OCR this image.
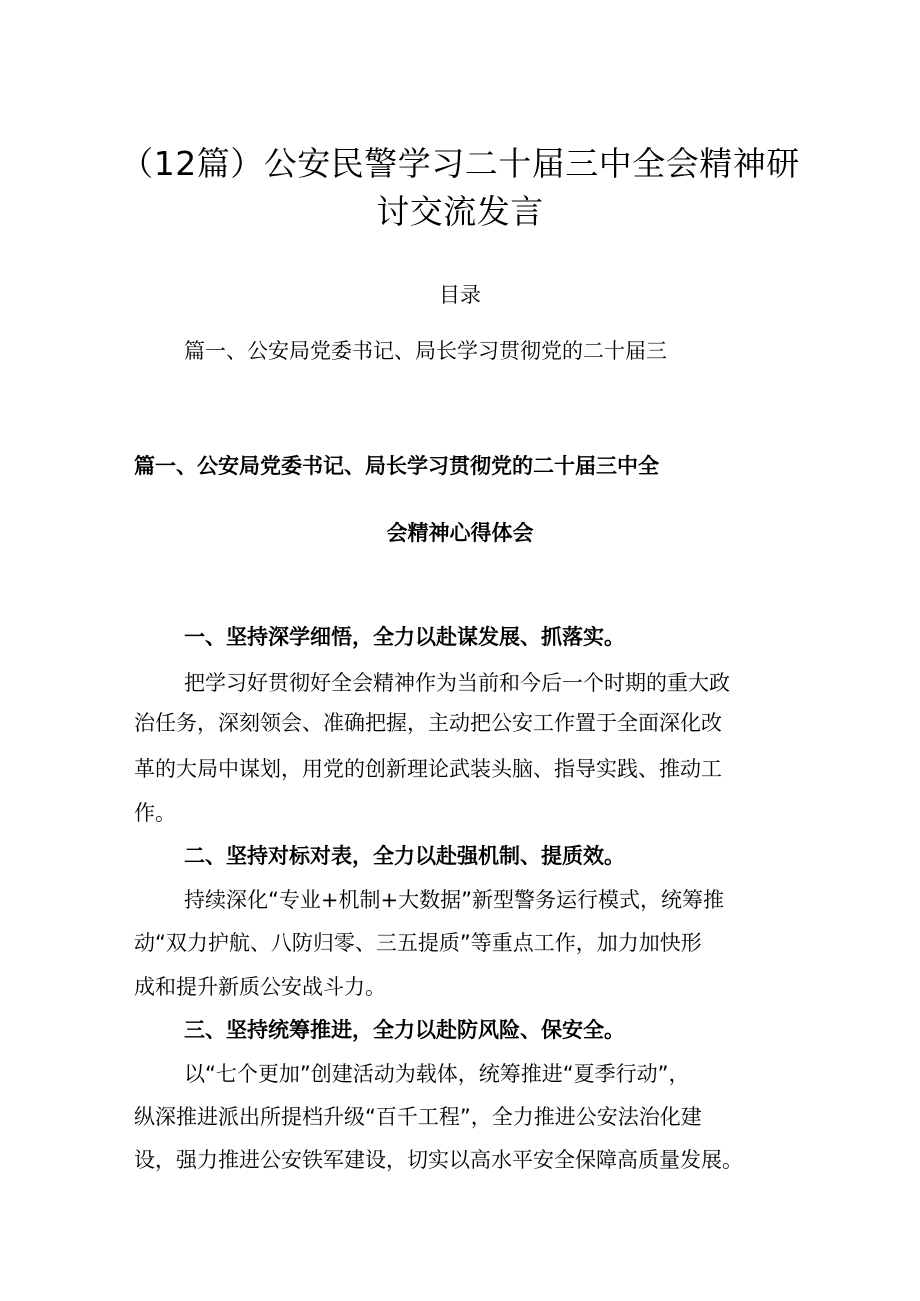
（12篇）公安民警学习二十届三中全会精神研
讨交流发言
目录
篇一、公安局党委书记、局长学习贯彻党的二十届三
篇一、公安局党委书记、局长学习贯彻党的二十届三中全
会精神心得体会
一、坚持深学细悟，全力以赴谋发展、抓落实。
把学习好贯彻好全会精神作为当前和今后一个时期的重大政
治任务，深刻领会、准确把握，主动把公安工作置于全面深化改
革的大局中谋划，用党的创新理论武装头脑、指导实践、推动工
作。
二、坚持对标对表，全力以赴强机制、提质效。
持续深化“专业+机制+大数据”新型警务运行模式，统筹推
动“双力护航、八防归零、三五提质”等重点工作，加力加快形
成和提升新质公安战斗力。
三、坚持统筹推进，全力以赴防风险、保安全。
以“七个更加”创建活动为载体，统筹推进“夏季行动”，
纵深推进派出所提档升级“百千工程”，全力推进公安法治化建
设，强力推进公安铁军建设，切实以高水平安全保障高质量发展。
